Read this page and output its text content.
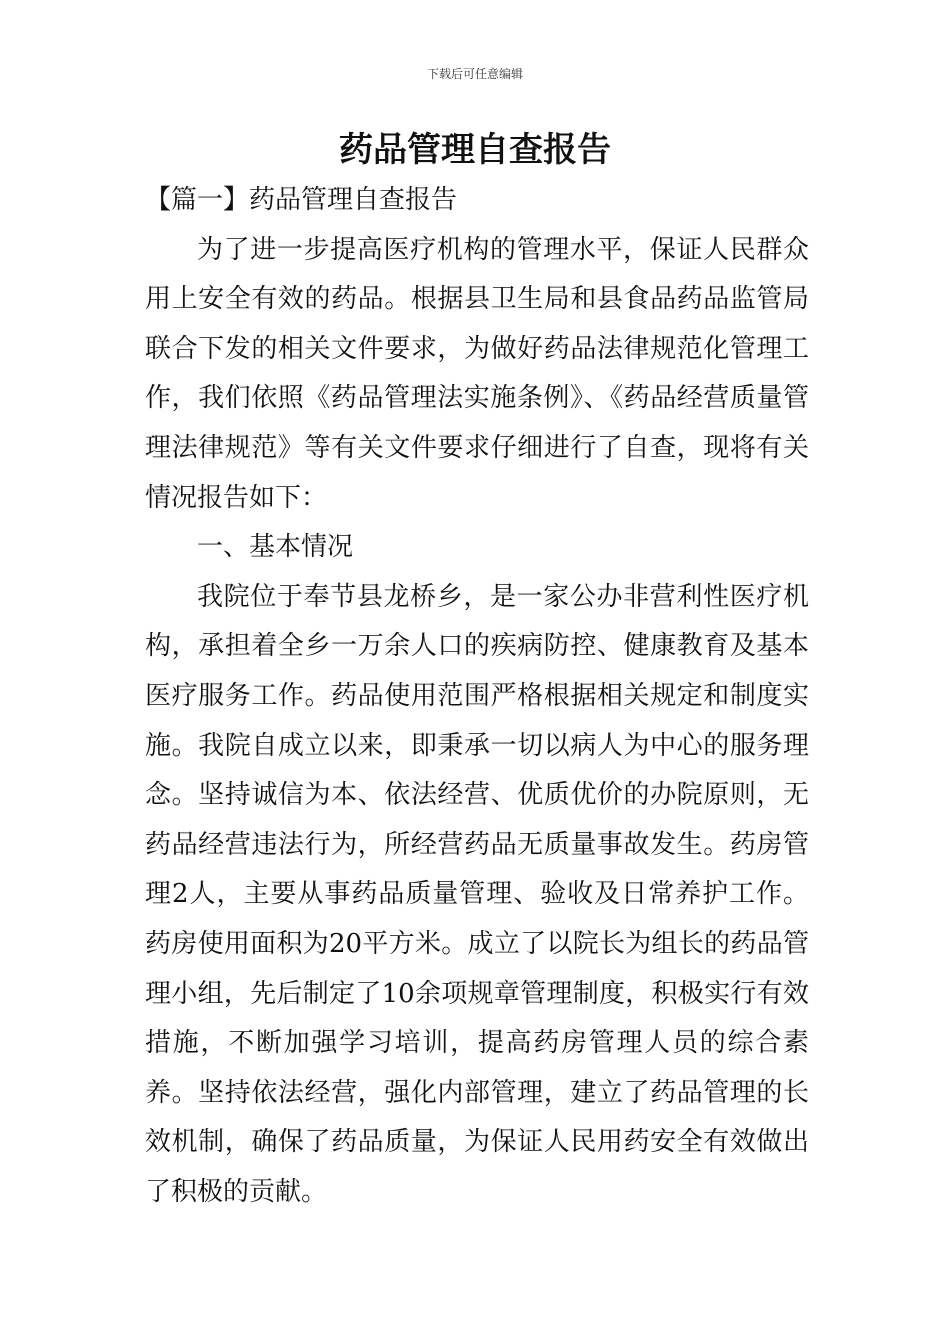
下载后可任意编辑
药品管理自查报告

【篇一】药品管理自查报告

为了进一步提高医疗机构的管理水平，保证人民群众用上安全有效的药品。根据县卫生局和县食品药品监管局联合下发的相关文件要求，为做好药品法律规范化管理工作，我们依照《药品管理法实施条例》、《药品经营质量管理法律规范》等有关文件要求仔细进行了自查，现将有关情况报告如下：

一、基本情况

我院位于奉节县龙桥乡，是一家公办非营利性医疗机构，承担着全乡一万余人口的疾病防控、健康教育及基本医疗服务工作。药品使用范围严格根据相关规定和制度实施。我院自成立以来，即秉承一切以病人为中心的服务理念。坚持诚信为本、依法经营、优质优价的办院原则，无药品经营违法行为，所经营药品无质量事故发生。药房管理2人，主要从事药品质量管理、验收及日常养护工作。药房使用面积为20平方米。成立了以院长为组长的药品管理小组，先后制定了10余项规章管理制度，积极实行有效措施，不断加强学习培训，提高药房管理人员的综合素养。坚持依法经营，强化内部管理，建立了药品管理的长效机制，确保了药品质量，为保证人民用药安全有效做出了积极的贡献。
